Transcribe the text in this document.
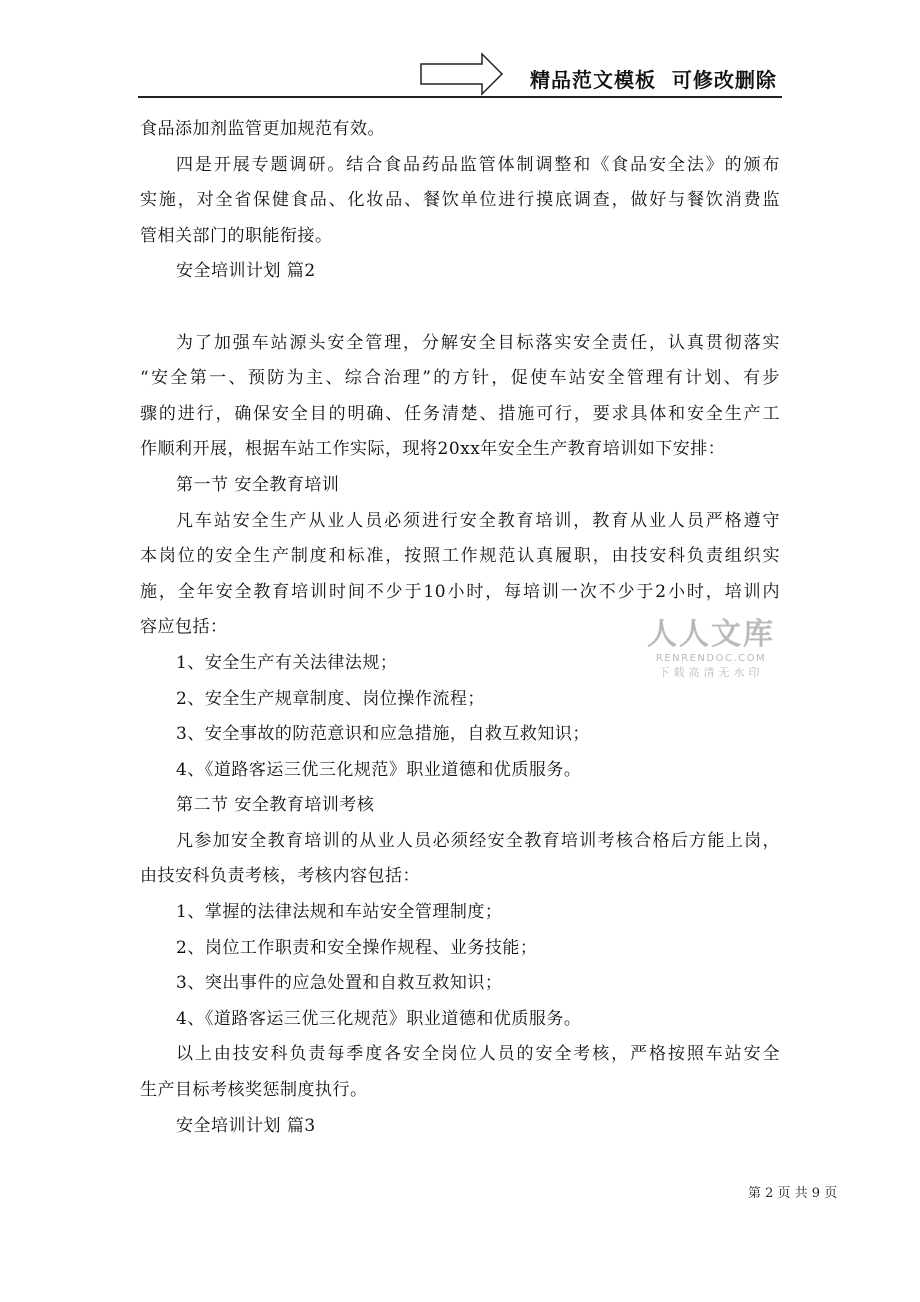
精品范文模板  可修改删除
食品添加剂监管更加规范有效。
四是开展专题调研。结合食品药品监管体制调整和《食品安全法》的颁布
实施，对全省保健食品、化妆品、餐饮单位进行摸底调查，做好与餐饮消费监
管相关部门的职能衔接。
安全培训计划 篇2
为了加强车站源头安全管理，分解安全目标落实安全责任，认真贯彻落实
“安全第一、预防为主、综合治理”的方针，促使车站安全管理有计划、有步
骤的进行，确保安全目的明确、任务清楚、措施可行，要求具体和安全生产工
作顺利开展，根据车站工作实际，现将20xx年安全生产教育培训如下安排：
第一节 安全教育培训
凡车站安全生产从业人员必须进行安全教育培训，教育从业人员严格遵守
本岗位的安全生产制度和标准，按照工作规范认真履职，由技安科负责组织实
施，全年安全教育培训时间不少于10小时，每培训一次不少于2小时，培训内
容应包括：
1、安全生产有关法律法规；
2、安全生产规章制度、岗位操作流程；
3、安全事故的防范意识和应急措施，自救互救知识；
4、《道路客运三优三化规范》职业道德和优质服务。
第二节 安全教育培训考核
凡参加安全教育培训的从业人员必须经安全教育培训考核合格后方能上岗，
由技安科负责考核，考核内容包括：
1、掌握的法律法规和车站安全管理制度；
2、岗位工作职责和安全操作规程、业务技能；
3、突出事件的应急处置和自救互救知识；
4、《道路客运三优三化规范》职业道德和优质服务。
以上由技安科负责每季度各安全岗位人员的安全考核，严格按照车站安全
生产目标考核奖惩制度执行。
安全培训计划 篇3
人人文库
RENRENDOC.COM
下载高清无水印
第 2 页 共 9 页
